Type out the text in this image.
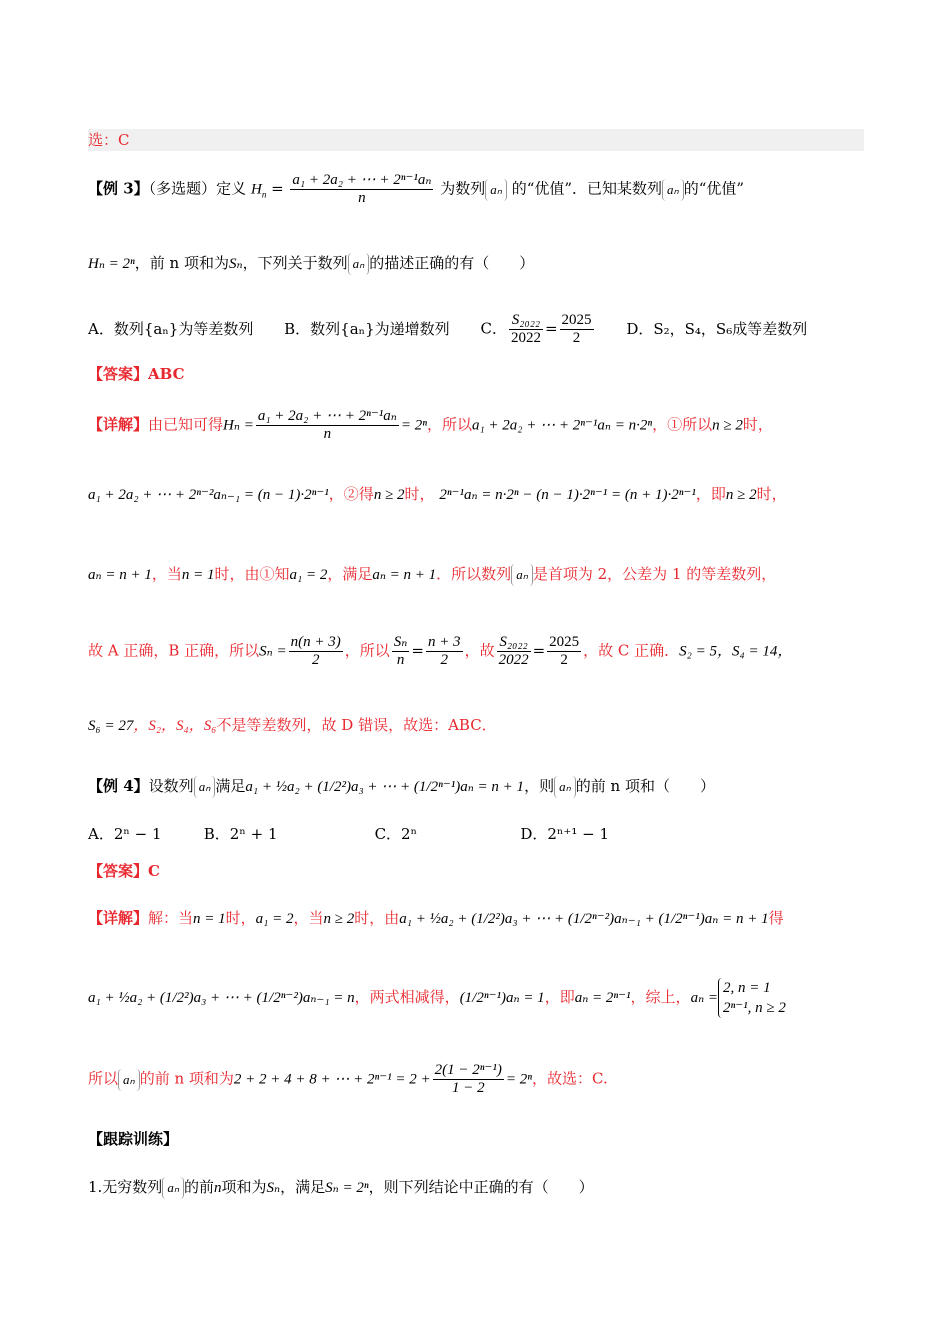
选：C
【例 3】（多选题）定义 $H_n = \frac{\text{a₁ + 2a₂ + ⋯ + 2ⁿ⁻¹aₙ}}{n}$ 为数列 aₙ 的“优值”．已知某数列 aₙ 的“优值”
Hₙ = 2ⁿ，前 n 项和为Sₙ，下列关于数列 aₙ 的描述正确的有（　　）
A．数列{aₙ}为等差数列 B．数列{aₙ}为递增数列 C． $\frac{\text{S₂₀₂₂}}{2022} = \frac{2025}{2}$ D．S₂，S₄，S₆成等差数列
【答案】ABC
【详解】由已知可得$H_n = \frac{\text{a₁ + 2a₂ + ⋯ + 2ⁿ⁻¹aₙ}}{n} = 2^n$，所以a₁ + 2a₂ + ⋯ + 2ⁿ⁻¹aₙ = n·2ⁿ，①所以n ≥ 2时，
a₁ + 2a₂ + ⋯ + 2ⁿ⁻²aₙ₋₁ = (n − 1)·2ⁿ⁻¹，②得n ≥ 2时， 2ⁿ⁻¹aₙ = n·2ⁿ − (n − 1)·2ⁿ⁻¹ = (n + 1)·2ⁿ⁻¹，即n ≥ 2时，
aₙ = n + 1，当n = 1时，由①知a₁ = 2，满足aₙ = n + 1．所以数列 aₙ 是首项为 2，公差为 1 的等差数列，
故 A 正确，B 正确，所以$S_n = \frac{n(n + 3)}{2}$ ，所以 $\frac{\text{Sₙ}}{n} = \frac{n + 3}{2}$ ，故 $\frac{\text{S₂₀₂₂}}{2022} = \frac{2025}{2}$ ，故 C 正确．S₂ = 5，S₄ = 14，
S₆ = 27，S₂，S₄，S₆不是等差数列，故 D 错误，故选：ABC．
【例 4】设数列 aₙ 满足a₁ + ½a₂ + (1/2²)a₃ + ⋯ + (1/2ⁿ⁻¹)aₙ = n + 1，则 aₙ 的前 n 项和（　　）
A．2ⁿ − 1	B．2ⁿ + 1	C．2ⁿ	D．2ⁿ⁺¹ − 1
【答案】C
【详解】解：当n = 1时，a₁ = 2，当n ≥ 2时，由a₁ + ½a₂ + (1/2²)a₃ + ⋯ + (1/2ⁿ⁻²)aₙ₋₁ + (1/2ⁿ⁻¹)aₙ = n + 1得
a₁ + ½a₂ + (1/2²)a₃ + ⋯ + (1/2ⁿ⁻²)aₙ₋₁ = n，两式相减得，(1/2ⁿ⁻¹)aₙ = 1，即aₙ = 2ⁿ⁻¹，综上，aₙ =
2, n = 1
2ⁿ⁻¹, n ≥ 2
所以 aₙ 的前 n 项和为2 + 2 + 4 + 8 + ⋯ + $2^{n-1} = 2 + \frac{\text{2(1 − 2ⁿ⁻¹)}}{1 - 2} = 2^n$，故选：C.
【跟踪训练】
1.无穷数列 aₙ 的前n项和为Sₙ，满足Sₙ = 2ⁿ，则下列结论中正确的有（　　）
